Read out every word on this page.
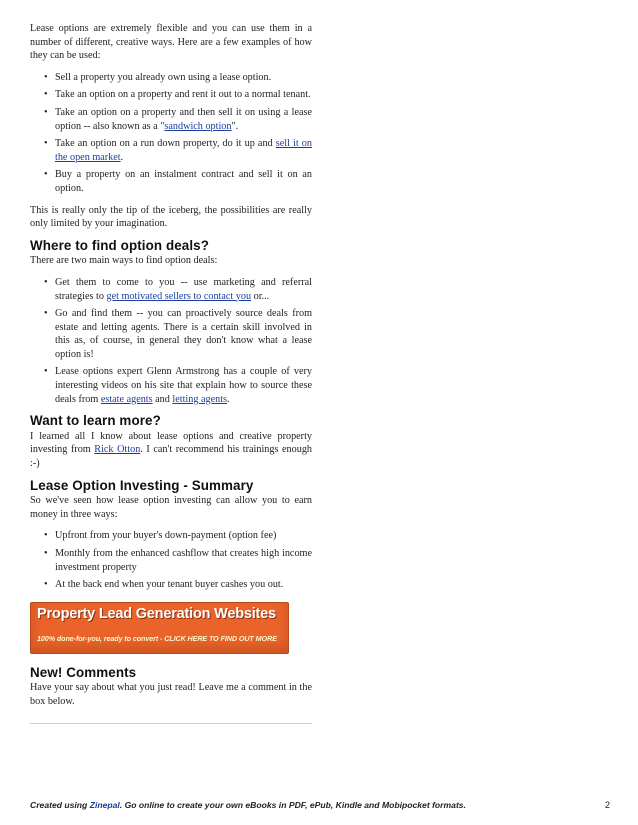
Lease options are extremely flexible and you can use them in a number of different, creative ways. Here are a few examples of how they can be used:

• Sell a property you already own using a lease option.
• Take an option on a property and rent it out to a normal tenant.
• Take an option on a property and then sell it on using a lease option -- also known as a "sandwich option".
• Take an option on a run down property, do it up and sell it on the open market.
• Buy a property on an instalment contract and sell it on an option.

This is really only the tip of the iceberg, the possibilities are really only limited by your imagination.

Where to find option deals?

There are two main ways to find option deals:

• Get them to come to you -- use marketing and referral strategies to get motivated sellers to contact you or...
• Go and find them -- you can proactively source deals from estate and letting agents. There is a certain skill involved in this as, of course, in general they don't know what a lease option is!
• Lease options expert Glenn Armstrong has a couple of very interesting videos on his site that explain how to source these deals from estate agents and letting agents.
Want to learn more?

I learned all I know about lease options and creative property investing from Rick Otton. I can't recommend his trainings enough :-)

Lease Option Investing - Summary

So we've seen how lease option investing can allow you to earn money in three ways:

• Upfront from your buyer's down-payment (option fee)
• Monthly from the enhanced cashflow that creates high income investment property
• At the back end when your tenant buyer cashes you out.
Property Lead Generation Websites
100% done-for-you, ready to convert - CLICK HERE TO FIND OUT MORE
New! Comments

Have your say about what you just read! Leave me a comment in the box below.

Created using Zinepal. Go online to create your own eBooks in PDF, ePub, Kindle and Mobipocket formats.	2
